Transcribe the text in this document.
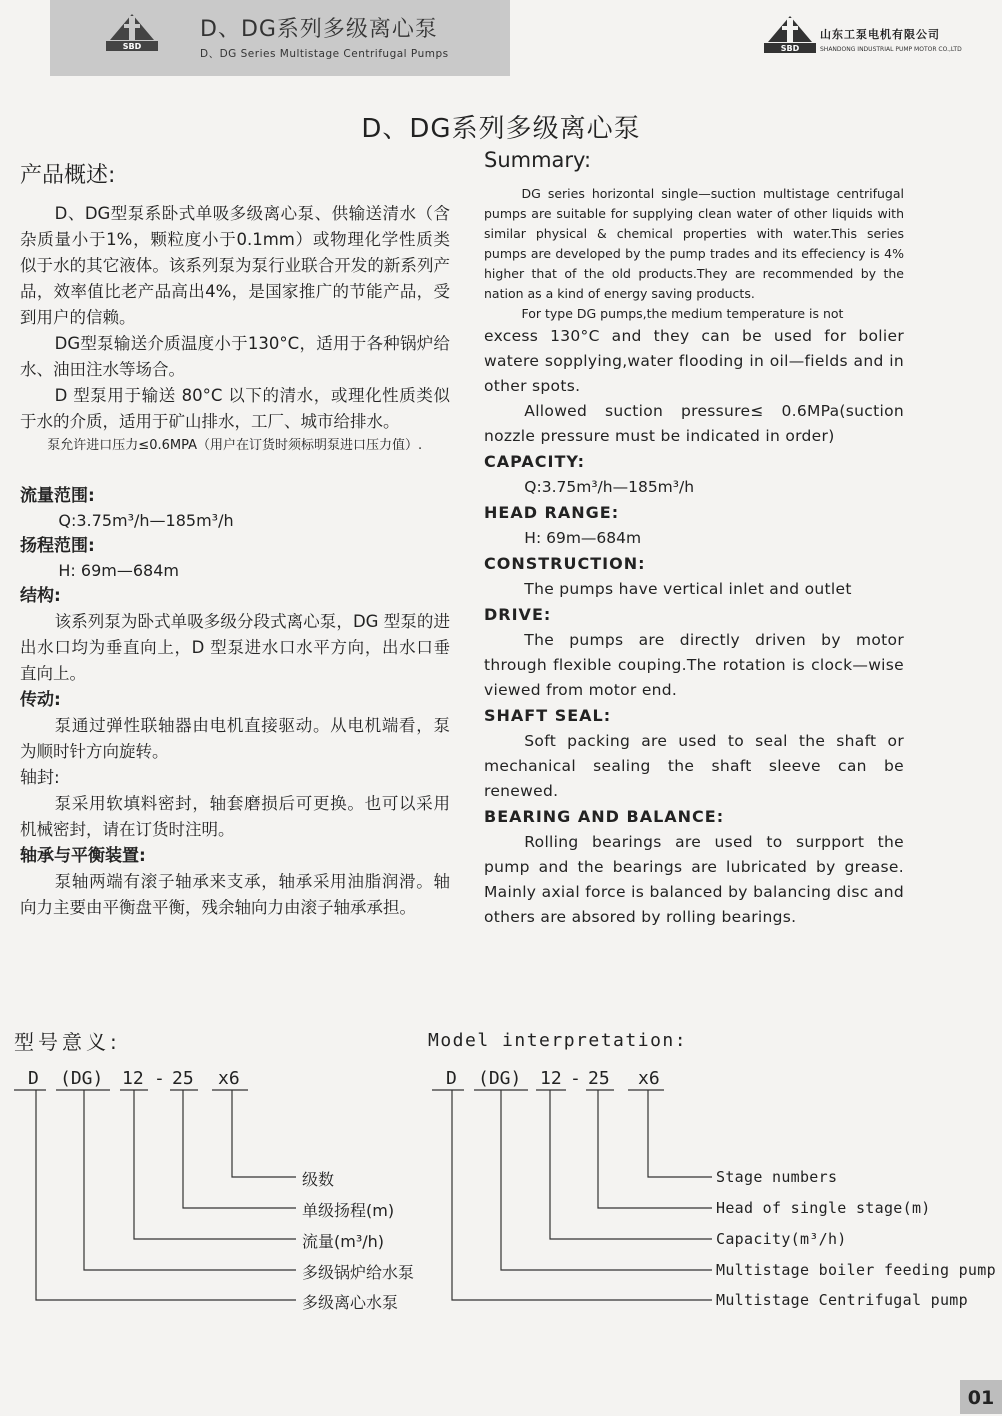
SBD
D、DG系列多级离心泵
D、DG Series Multistage Centrifugal Pumps	SBD
山东工泵电机有限公司
SHANDONG INDUSTRIAL PUMP MOTOR CO.,LTD
D、DG系列多级离心泵
产品概述:

D、DG型泵系卧式单吸多级离心泵、供输送清水（含杂质量小于1%，颗粒度小于0.1mm）或物理化学性质类似于水的其它液体。该系列泵为泵行业联合开发的新系列产品，效率值比老产品高出4%，是国家推广的节能产品，受到用户的信赖。

DG型泵输送介质温度小于130°C，适用于各种锅炉给水、油田注水等场合。

D 型泵用于输送 80°C 以下的清水，或理化性质类似于水的介质，适用于矿山排水，工厂、城市给排水。

泵允许进口压力≤0.6MPA（用户在订货时须标明泵进口压力值）.

流量范围:

Q:3.75m³/h—185m³/h

扬程范围:

H: 69m—684m

结构:

该系列泵为卧式单吸多级分段式离心泵，DG 型泵的进出水口均为垂直向上，D 型泵进水口水平方向，出水口垂直向上。

传动:

泵通过弹性联轴器由电机直接驱动。从电机端看，泵为顺时针方向旋转。

轴封:

泵采用软填料密封，轴套磨损后可更换。也可以采用机械密封，请在订货时注明。

轴承与平衡装置:

泵轴两端有滚子轴承来支承，轴承采用油脂润滑。轴向力主要由平衡盘平衡，残余轴向力由滚子轴承承担。

Summary:

DG series horizontal single—suction multistage centrifugal pumps are suitable for supplying clean water of other liquids with similar physical & chemical properties with water.This series pumps are developed by the pump trades and its effeciency is 4% higher that of the old products.They are recommended by the nation as a kind of energy saving products.

For type DG pumps,the medium temperature is not

excess 130°C and they can be used for bolier watere sopplying,water flooding in oil—fields and in other spots.

Allowed suction pressure≤ 0.6MPa(suction nozzle pressure must be indicated in order)

CAPACITY:

Q:3.75m³/h—185m³/h

HEAD RANGE:

H: 69m—684m

CONSTRUCTION:

The pumps have vertical inlet and outlet

DRIVE:

The pumps are directly driven by motor through flexible couping.The rotation is clock—wise viewed from motor end.

SHAFT SEAL:

Soft packing are used to seal the shaft or mechanical sealing the shaft sleeve can be renewed.

BEARING AND BALANCE:

Rolling bearings are used to surpport the pump and the bearings are lubricated by grease. Mainly axial force is balanced by balancing disc and others are absored by rolling bearings.

型号意义:	Model interpretation:
D (DG) 12 - 25 x6	D (DG) 12 - 25 x6
级数
单级扬程(m)
流量(m³/h)
多级锅炉给水泵
多级离心水泵
Stage numbers
Head of single stage(m)
Capacity(m³/h)
Multistage boiler feeding pump
Multistage Centrifugal pump
01
